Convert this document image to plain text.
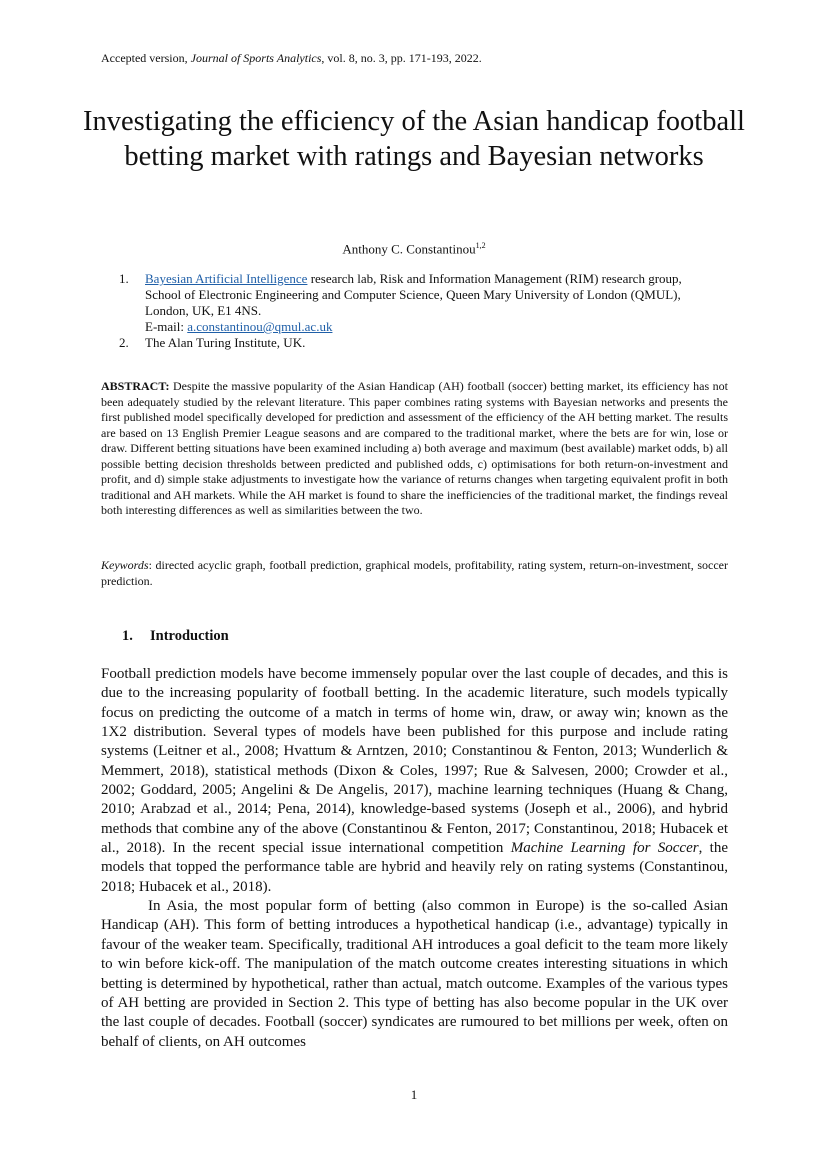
Accepted version, Journal of Sports Analytics, vol. 8, no. 3, pp. 171-193, 2022.
Investigating the efficiency of the Asian handicap football betting market with ratings and Bayesian networks
Anthony C. Constantinou$^{1,2}$
1. Bayesian Artificial Intelligence research lab, Risk and Information Management (RIM) research group,
School of Electronic Engineering and Computer Science, Queen Mary University of London (QMUL),
London, UK, E1 4NS.
E-mail: a.constantinou@qmul.ac.uk
2. The Alan Turing Institute, UK.

ABSTRACT: Despite the massive popularity of the Asian Handicap (AH) football (soccer) betting market, its efficiency has not been adequately studied by the relevant literature. This paper combines rating systems with Bayesian networks and presents the first published model specifically developed for prediction and assessment of the efficiency of the AH betting market. The results are based on 13 English Premier League seasons and are compared to the traditional market, where the bets are for win, lose or draw. Different betting situations have been examined including a) both average and maximum (best available) market odds, b) all possible betting decision thresholds between predicted and published odds, c) optimisations for both return-on-investment and profit, and d) simple stake adjustments to investigate how the variance of returns changes when targeting equivalent profit in both traditional and AH markets. While the AH market is found to share the inefficiencies of the traditional market, the findings reveal both interesting differences as well as similarities between the two.

Keywords: directed acyclic graph, football prediction, graphical models, profitability, rating system, return-on-investment, soccer prediction.

1. Introduction

Football prediction models have become immensely popular over the last couple of decades, and this is due to the increasing popularity of football betting. In the academic literature, such models typically focus on predicting the outcome of a match in terms of home win, draw, or away win; known as the 1X2 distribution. Several types of models have been published for this purpose and include rating systems (Leitner et al., 2008; Hvattum & Arntzen, 2010; Constantinou & Fenton, 2013; Wunderlich & Memmert, 2018), statistical methods (Dixon & Coles, 1997; Rue & Salvesen, 2000; Crowder et al., 2002; Goddard, 2005; Angelini & De Angelis, 2017), machine learning techniques (Huang & Chang, 2010; Arabzad et al., 2014; Pena, 2014), knowledge-based systems (Joseph et al., 2006), and hybrid methods that combine any of the above (Constantinou & Fenton, 2017; Constantinou, 2018; Hubacek et al., 2018). In the recent special issue international competition Machine Learning for Soccer, the models that topped the performance table are hybrid and heavily rely on rating systems (Constantinou, 2018; Hubacek et al., 2018).

In Asia, the most popular form of betting (also common in Europe) is the so-called Asian Handicap (AH). This form of betting introduces a hypothetical handicap (i.e., advantage) typically in favour of the weaker team. Specifically, traditional AH introduces a goal deficit to the team more likely to win before kick-off. The manipulation of the match outcome creates interesting situations in which betting is determined by hypothetical, rather than actual, match outcome. Examples of the various types of AH betting are provided in Section 2. This type of betting has also become popular in the UK over the last couple of decades. Football (soccer) syndicates are rumoured to bet millions per week, often on behalf of clients, on AH outcomes

1
